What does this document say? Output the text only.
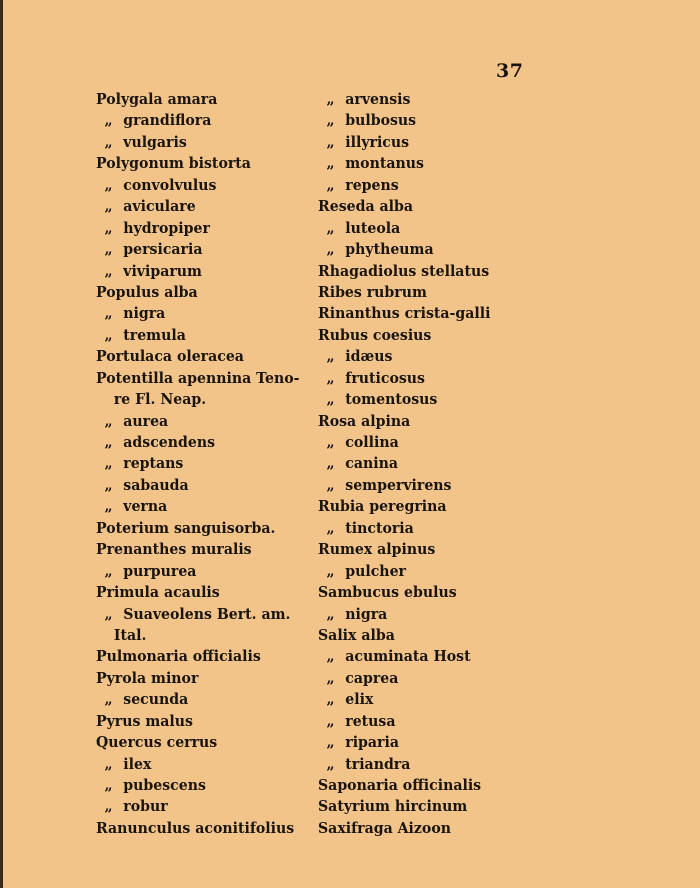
37
Polygala amara
„ grandiflora
„ vulgaris
Polygonum bistorta
„ convolvulus
„ aviculare
„ hydropiper
„ persicaria
„ viviparum
Populus alba
„ nigra
„ tremula
Portulaca oleracea
Potentilla apennina Teno-
re Fl. Neap.
„ aurea
„ adscendens
„ reptans
„ sabauda
„ verna
Poterium sanguisorba.
Prenanthes muralis
„ purpurea
Primula acaulis
„ Suaveolens Bert. am.
Ital.
Pulmonaria officialis
Pyrola minor
„ secunda
Pyrus malus
Quercus cerrus
„ ilex
„ pubescens
„ robur
Ranunculus aconitifolius
„ arvensis
„ bulbosus
„ illyricus
„ montanus
„ repens
Reseda alba
„ luteola
„ phytheuma
Rhagadiolus stellatus
Ribes rubrum
Rinanthus crista-galli
Rubus coesius
„ idæus
„ fruticosus
„ tomentosus
Rosa alpina
„ collina
„ canina
„ sempervirens
Rubia peregrina
„ tinctoria
Rumex alpinus
„ pulcher
Sambucus ebulus
„ nigra
Salix alba
„ acuminata Host
„ caprea
„ elix
„ retusa
„ riparia
„ triandra
Saponaria officinalis
Satyrium hircinum
Saxifraga Aizoon
